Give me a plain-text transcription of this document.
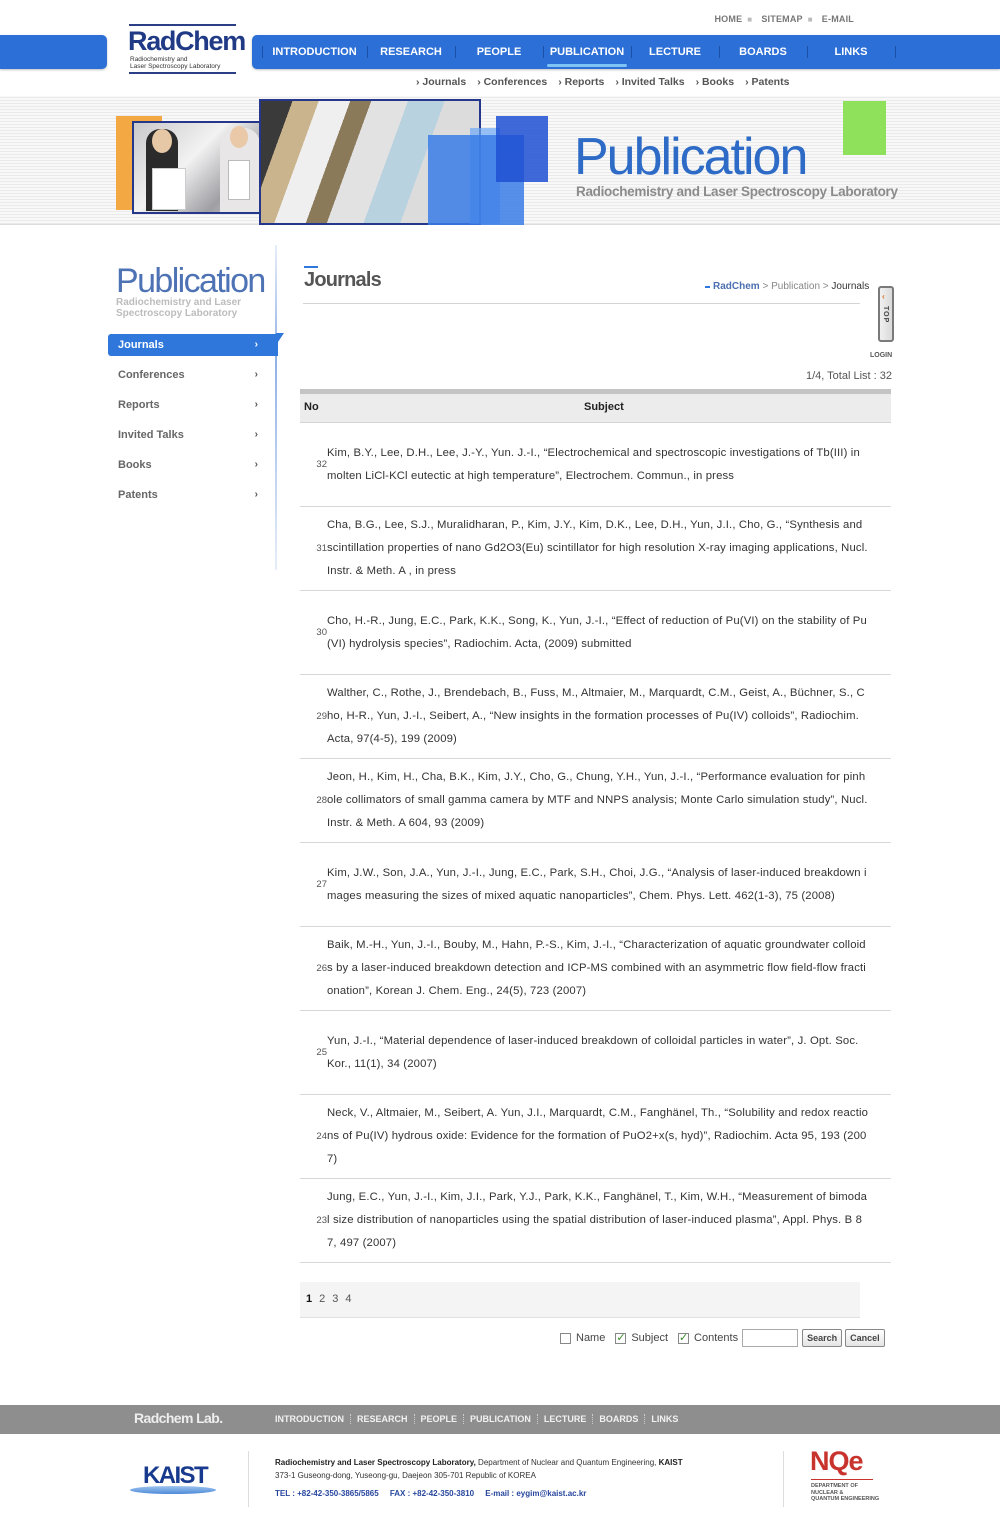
HOME ■ SITEMAP ■ E-MAIL
RadChem
Radiochemistry and
Laser Spectroscopy Laboratory
INTRODUCTION	RESEARCH	PEOPLE	PUBLICATION	LECTURE	BOARDS	LINKS
› Journals › Conferences › Reports › Invited Talks › Books › Patents
Publication
Radiochemistry and Laser Spectroscopy Laboratory
Publication
Radiochemistry and Laser
Spectroscopy Laboratory
Journals	›
Conferences	›
Reports	›
Invited Talks	›
Books	›
Patents	›
Journals	RadChem > Publication > Journals
‹
TOP
LOGIN
1/4, Total List : 32
No	Subject
32
Kim, B.Y., Lee, D.H., Lee, J.-Y., Yun. J.-I., “Electrochemical and spectroscopic investigations of Tb(III) in molten LiCl-KCl eutectic at high temperature”, Electrochem. Commun., in press
31
Cha, B.G., Lee, S.J., Muralidharan, P., Kim, J.Y., Kim, D.K., Lee, D.H., Yun, J.I., Cho, G., “Synthesis and scintillation properties of nano Gd2O3(Eu) scintillator for high resolution X-ray imaging applications, Nucl. Instr. & Meth. A , in press
30
Cho, H.-R., Jung, E.C., Park, K.K., Song, K., Yun, J.-I., “Effect of reduction of Pu(VI) on the stability of Pu(VI) hydrolysis species”, Radiochim. Acta, (2009) submitted
29
Walther, C., Rothe, J., Brendebach, B., Fuss, M., Altmaier, M., Marquardt, C.M., Geist, A., Büchner, S., Cho, H-R., Yun, J.-I., Seibert, A., “New insights in the formation processes of Pu(IV) colloids”, Radiochim. Acta, 97(4-5), 199 (2009)
28
Jeon, H., Kim, H., Cha, B.K., Kim, J.Y., Cho, G., Chung, Y.H., Yun, J.-I., “Performance evaluation for pinhole collimators of small gamma camera by MTF and NNPS analysis; Monte Carlo simulation study”, Nucl. Instr. & Meth. A 604, 93 (2009)
27
Kim, J.W., Son, J.A., Yun, J.-I., Jung, E.C., Park, S.H., Choi, J.G., “Analysis of laser-induced breakdown images measuring the sizes of mixed aquatic nanoparticles”, Chem. Phys. Lett. 462(1-3), 75 (2008)
26
Baik, M.-H., Yun, J.-I., Bouby, M., Hahn, P.-S., Kim, J.-I., “Characterization of aquatic groundwater colloids by a laser-induced breakdown detection and ICP-MS combined with an asymmetric flow field-flow fractionation”, Korean J. Chem. Eng., 24(5), 723 (2007)
25
Yun, J.-I., “Material dependence of laser-induced breakdown of colloidal particles in water”, J. Opt. Soc. Kor., 11(1), 34 (2007)
24
Neck, V., Altmaier, M., Seibert, A. Yun, J.I., Marquardt, C.M., Fanghänel, Th., “Solubility and redox reactions of Pu(IV) hydrous oxide: Evidence for the formation of PuO2+x(s, hyd)”, Radiochim. Acta 95, 193 (2007)
23
Jung, E.C., Yun, J.-I., Kim, J.I., Park, Y.J., Park, K.K., Fanghänel, T., Kim, W.H., “Measurement of bimodal size distribution of nanoparticles using the spatial distribution of laser-induced plasma”, Appl. Phys. B 87, 497 (2007)
1 2 3 4
Name ✓ Subject ✓ Contents	Search	Cancel
Radchem Lab.	INTRODUCTION	RESEARCH	PEOPLE	PUBLICATION	LECTURE	BOARDS	LINKS
KAIST	Radiochemistry and Laser Spectroscopy Laboratory, Department of Nuclear and Quantum Engineering, KAIST
373-1 Guseong-dong, Yuseong-gu, Daejeon 305-701 Republic of KOREA
TEL : +82-42-350-3865/5865     FAX : +82-42-350-3810     E-mail : eygim@kaist.ac.kr
NQe
DEPARTMENT OF
NUCLEAR &
QUANTUM ENGINEERING
